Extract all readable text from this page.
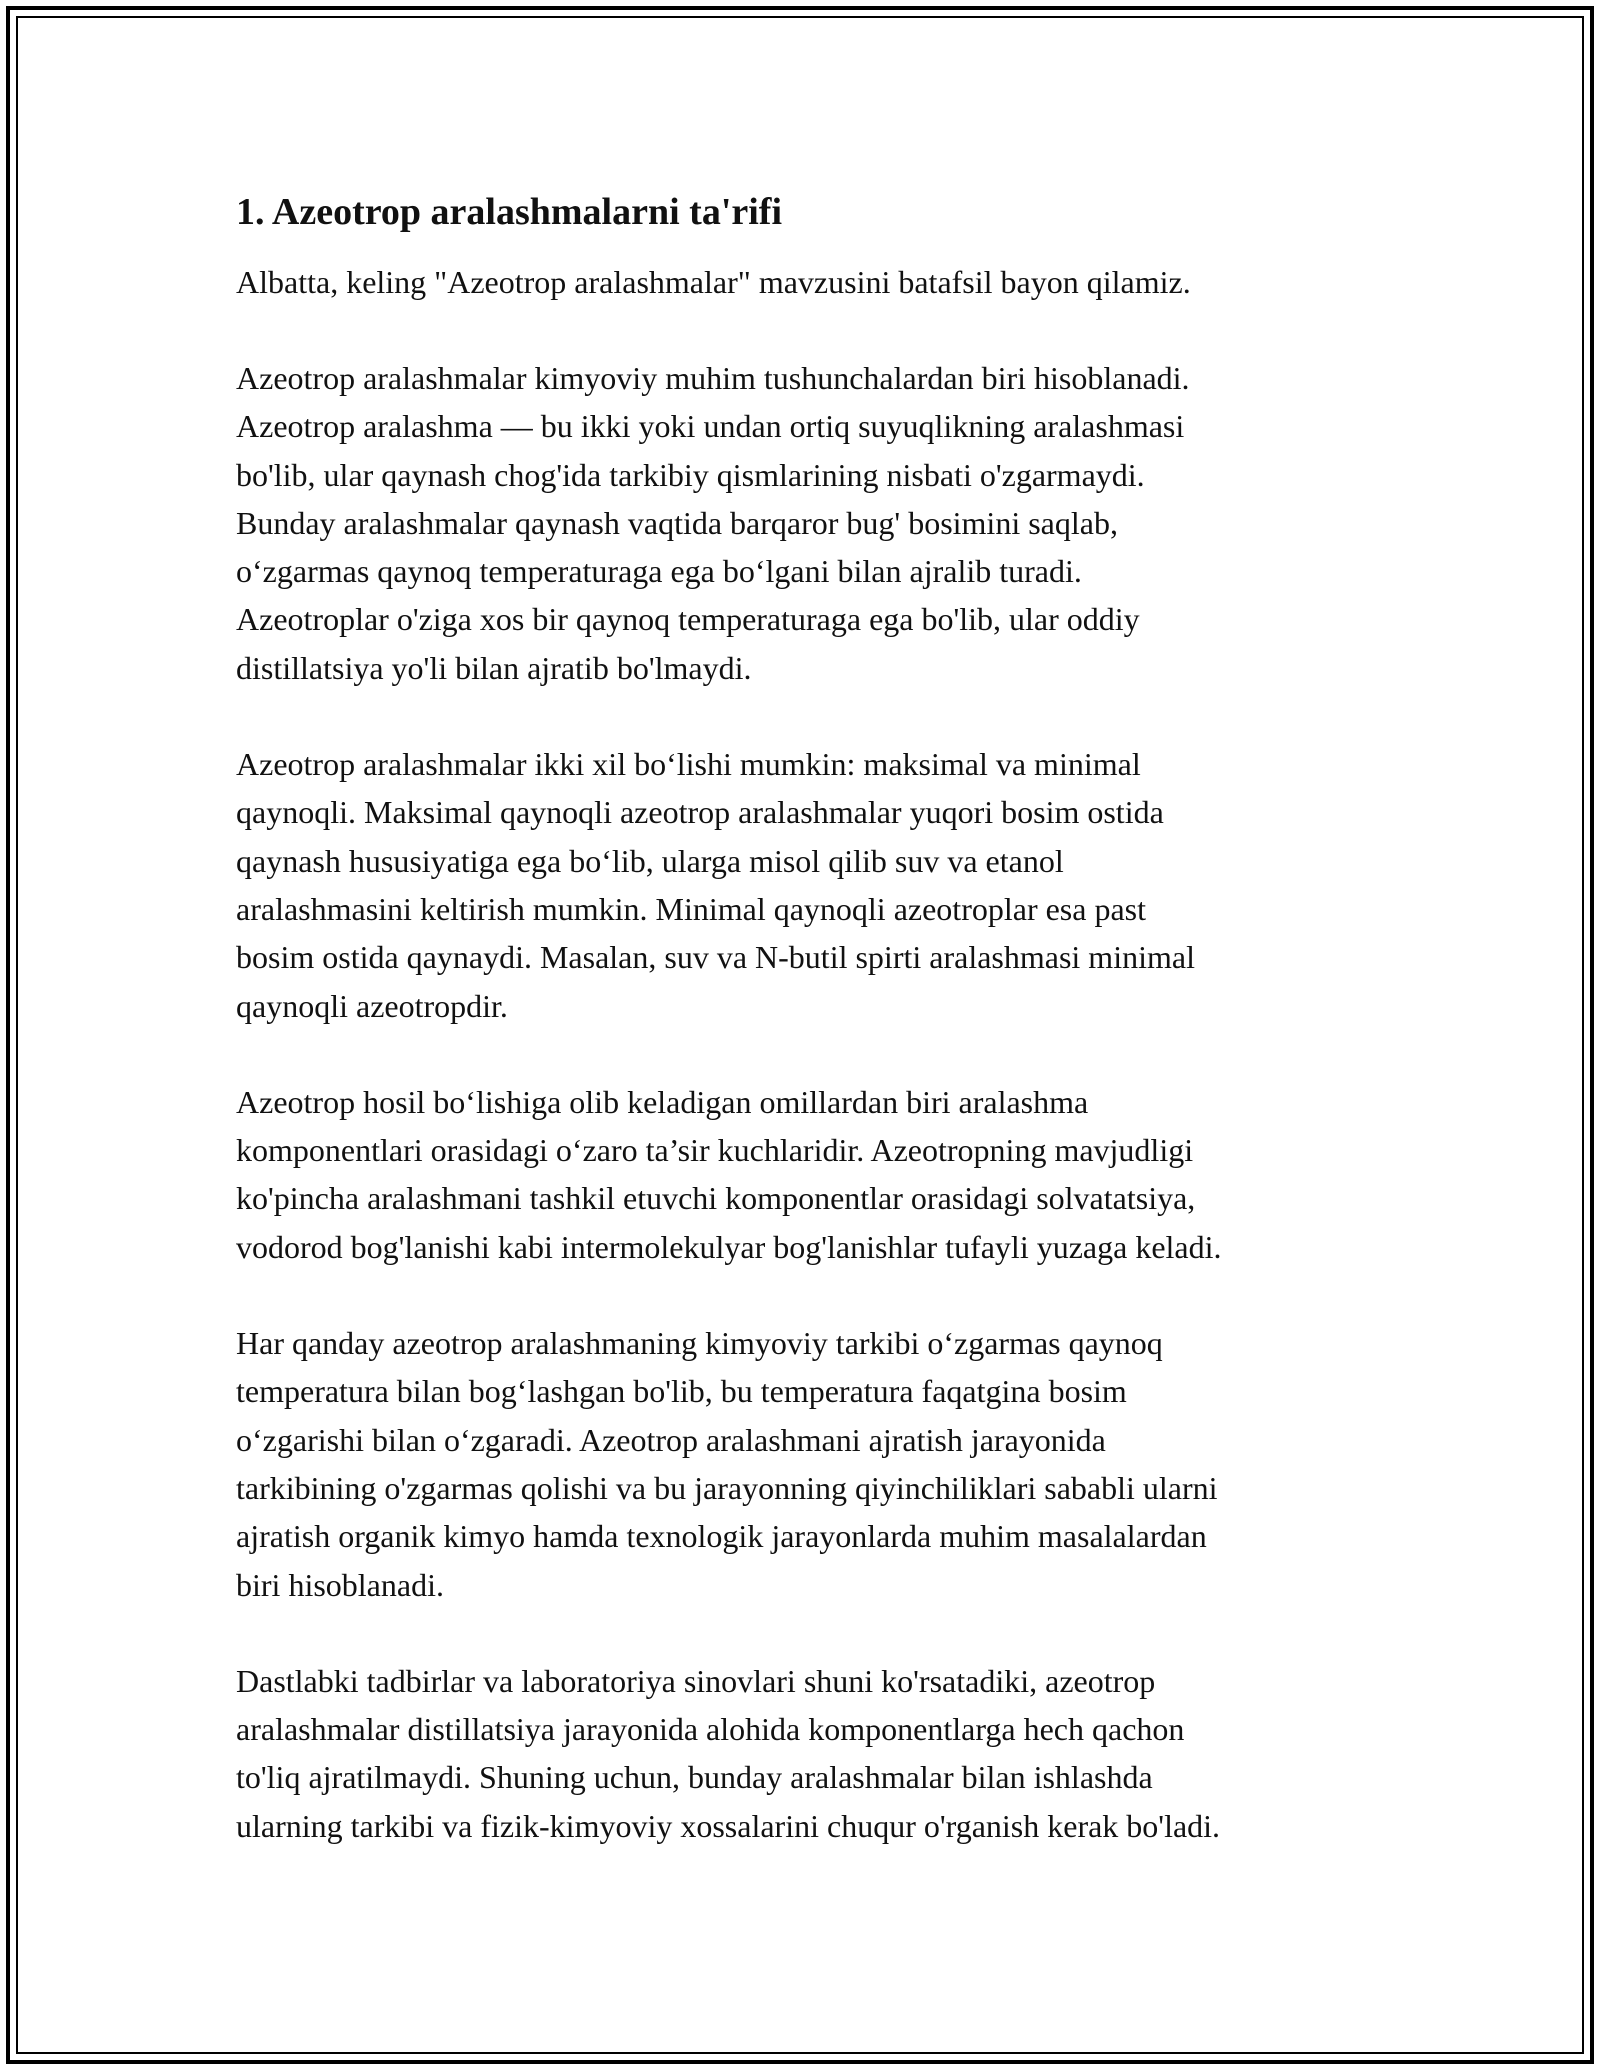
1. Azeotrop aralashmalarni ta'rifi

Albatta, keling "Azeotrop aralashmalar" mavzusini batafsil bayon qilamiz.

Azeotrop aralashmalar kimyoviy muhim tushunchalardan biri hisoblanadi.
Azeotrop aralashma — bu ikki yoki undan ortiq suyuqlikning aralashmasi
bo'lib, ular qaynash chog'ida tarkibiy qismlarining nisbati o'zgarmaydi.
Bunday aralashmalar qaynash vaqtida barqaror bug' bosimini saqlab,
o‘zgarmas qaynoq temperaturaga ega bo‘lgani bilan ajralib turadi.
Azeotroplar o'ziga xos bir qaynoq temperaturaga ega bo'lib, ular oddiy
distillatsiya yo'li bilan ajratib bo'lmaydi.

Azeotrop aralashmalar ikki xil bo‘lishi mumkin: maksimal va minimal
qaynoqli. Maksimal qaynoqli azeotrop aralashmalar yuqori bosim ostida
qaynash hususiyatiga ega bo‘lib, ularga misol qilib suv va etanol
aralashmasini keltirish mumkin. Minimal qaynoqli azeotroplar esa past
bosim ostida qaynaydi. Masalan, suv va N-butil spirti aralashmasi minimal
qaynoqli azeotropdir.

Azeotrop hosil bo‘lishiga olib keladigan omillardan biri aralashma
komponentlari orasidagi o‘zaro ta’sir kuchlaridir. Azeotropning mavjudligi
ko'pincha aralashmani tashkil etuvchi komponentlar orasidagi solvatatsiya,
vodorod bog'lanishi kabi intermolekulyar bog'lanishlar tufayli yuzaga keladi.

Har qanday azeotrop aralashmaning kimyoviy tarkibi o‘zgarmas qaynoq
temperatura bilan bog‘lashgan bo'lib, bu temperatura faqatgina bosim
o‘zgarishi bilan o‘zgaradi. Azeotrop aralashmani ajratish jarayonida
tarkibining o'zgarmas qolishi va bu jarayonning qiyinchiliklari sababli ularni
ajratish organik kimyo hamda texnologik jarayonlarda muhim masalalardan
biri hisoblanadi.

Dastlabki tadbirlar va laboratoriya sinovlari shuni ko'rsatadiki, azeotrop
aralashmalar distillatsiya jarayonida alohida komponentlarga hech qachon
to'liq ajratilmaydi. Shuning uchun, bunday aralashmalar bilan ishlashda
ularning tarkibi va fizik-kimyoviy xossalarini chuqur o'rganish kerak bo'ladi.
